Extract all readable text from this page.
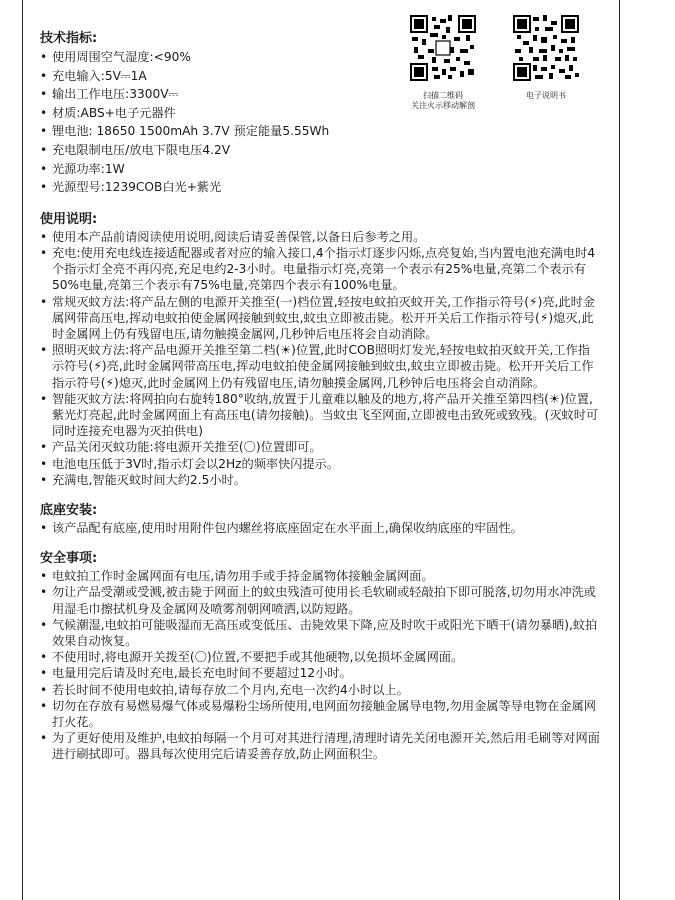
扫描二维码
关注火示移动解剖
电子说明书
技术指标:
• 使用周围空气湿度:<90%
• 充电输入:5V⎓1A
• 输出工作电压:3300V⎓
• 材质:ABS+电子元器件
• 锂电池: 18650 1500mAh 3.7V 预定能量5.55Wh
• 充电限制电压/放电下限电压4.2V
• 光源功率:1W
• 光源型号:1239COB白光+紫光
使用说明:
• 使用本产品前请阅读使用说明,阅读后请妥善保管,以备日后参考之用。
• 充电:使用充电线连接适配器或者对应的输入接口,4个指示灯逐步闪烁,点亮复始,当内置电池充满电时4个指示灯全亮不再闪亮,充足电约2-3小时。电量指示灯亮,亮第一个表示有25%电量,亮第二个表示有50%电量,亮第三个表示有75%电量,亮第四个表示有100%电量。
• 常规灭蚊方法:将产品左侧的电源开关推至(一)档位置,轻按电蚊拍灭蚊开关,工作指示符号(⚡)亮,此时金属网带高压电,挥动电蚊拍使金属网接触到蚊虫,蚊虫立即被击毙。松开开关后工作指示符号(⚡)熄灭,此时金属网上仍有残留电压,请勿触摸金属网,几秒钟后电压将会自动消除。
• 照明灭蚊方法:将产品电源开关推至第二档(☀)位置,此时COB照明灯发光,轻按电蚊拍灭蚊开关,工作指示符号(⚡)亮,此时金属网带高压电,挥动电蚊拍使金属网接触到蚊虫,蚊虫立即被击毙。松开开关后工作指示符号(⚡)熄灭,此时金属网上仍有残留电压,请勿触摸金属网,几秒钟后电压将会自动消除。
• 智能灭蚊方法:将网拍向右旋转180°收纳,放置于儿童难以触及的地方,将产品开关推至第四档(☀)位置,紫光灯亮起,此时金属网面上有高压电(请勿接触)。当蚊虫飞至网面,立即被电击致死或致残。(灭蚊时可同时连接充电器为灭拍供电)
• 产品关闭灭蚊功能:将电源开关推至(〇)位置即可。
• 电池电压低于3V时,指示灯会以2Hz的频率快闪提示。
• 充满电,智能灭蚊时间大约2.5小时。
底座安装:
• 该产品配有底座,使用时用附件包内螺丝将底座固定在水平面上,确保收纳底座的牢固性。
安全事项:
• 电蚊拍工作时金属网面有电压,请勿用手或手持金属物体接触金属网面。
• 勿让产品受潮或受溅,被击毙于网面上的蚊虫残渣可使用长毛软刷或轻敲拍下即可脱落,切勿用水冲洗或用湿毛巾擦拭机身及金属网及喷雾剂朝网喷洒,以防短路。
• 气候潮湿,电蚊拍可能吸湿而无高压或变低压、击毙效果下降,应及时吹干或阳光下晒干(请勿暴晒),蚊拍效果自动恢复。
• 不使用时,将电源开关拨至(〇)位置,不要把手或其他硬物,以免损坏金属网面。
• 电量用完后请及时充电,最长充电时间不要超过12小时。
• 若长时间不使用电蚊拍,请每存放二个月内,充电一次约4小时以上。
• 切勿在存放有易燃易爆气体或易爆粉尘场所使用,电网面勿接触金属导电物,勿用金属等导电物在金属网打火花。
• 为了更好使用及维护,电蚊拍每隔一个月可对其进行清理,清理时请先关闭电源开关,然后用毛刷等对网面进行刷拭即可。器具每次使用完后请妥善存放,防止网面积尘。
